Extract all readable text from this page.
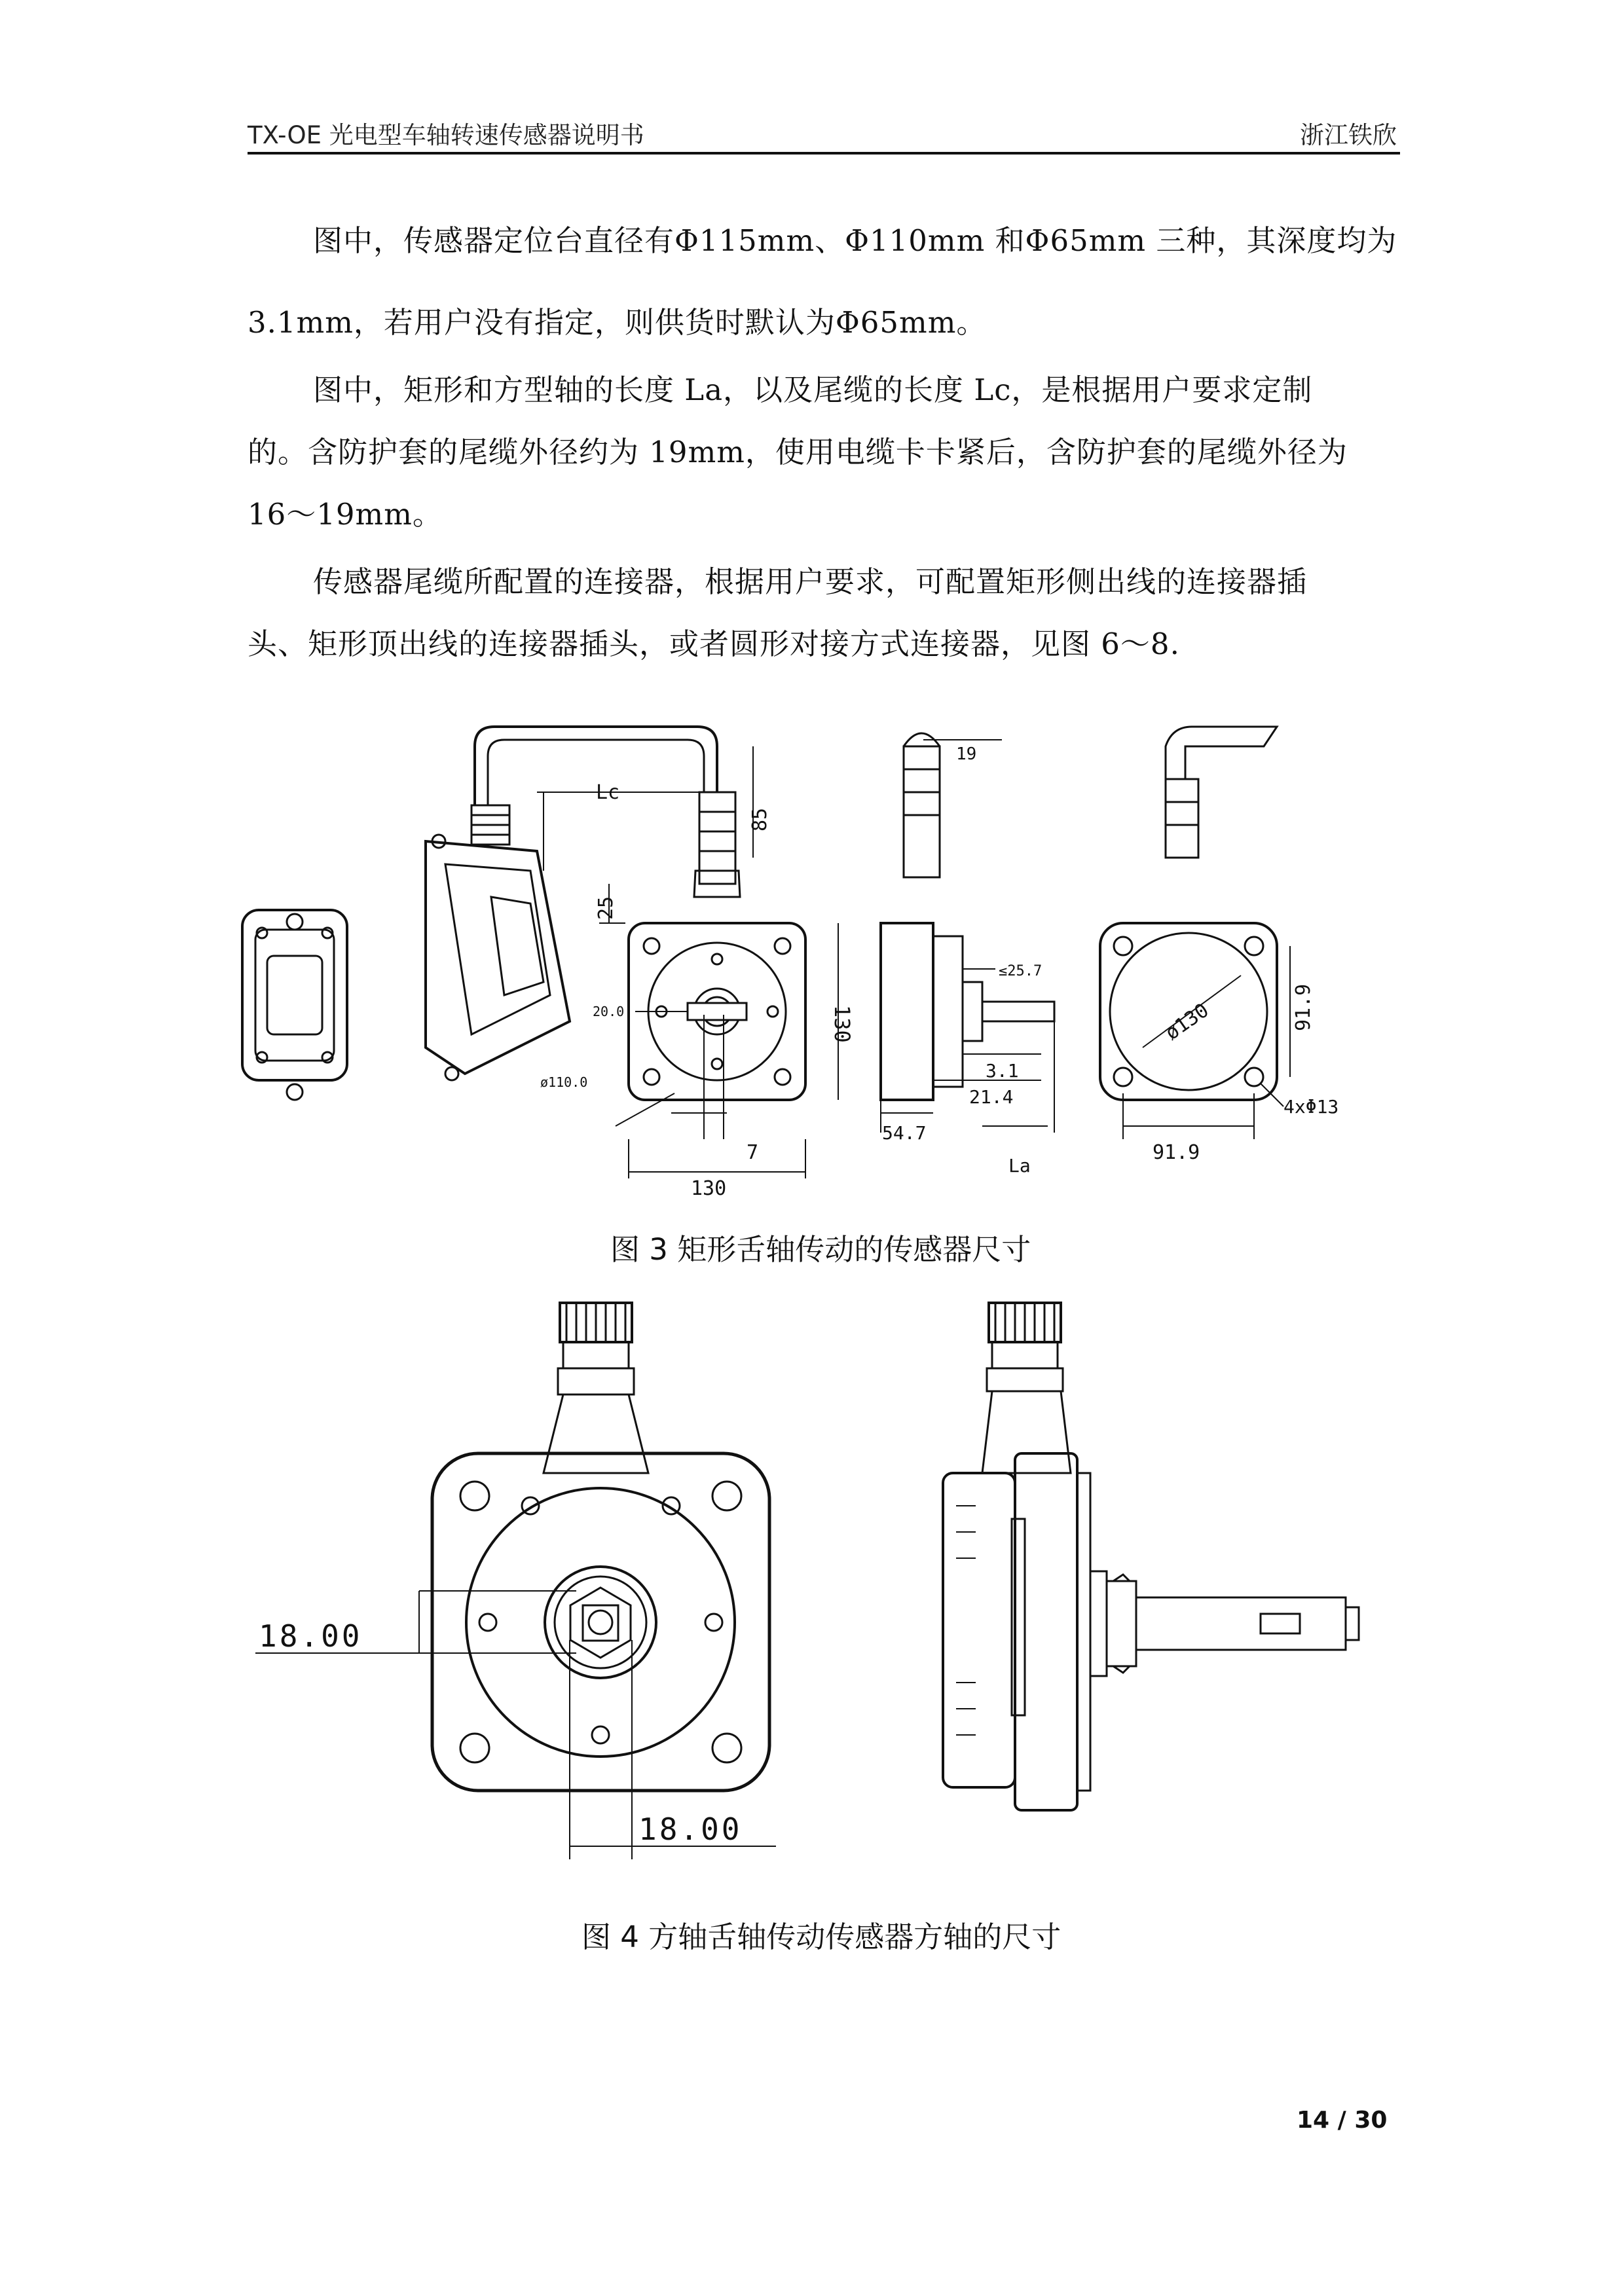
TX-OE 光电型车轴转速传感器说明书	浙江铁欣

图中，传感器定位台直径有Φ115mm、Φ110mm 和Φ65mm 三种，其深度均为

3.1mm，若用户没有指定，则供货时默认为Φ65mm。

图中，矩形和方型轴的长度 La，以及尾缆的长度 Lc，是根据用户要求定制

的。含防护套的尾缆外径约为 19mm，使用电缆卡卡紧后，含防护套的尾缆外径为

16～19mm。

传感器尾缆所配置的连接器，根据用户要求，可配置矩形侧出线的连接器插

头、矩形顶出线的连接器插头，或者圆形对接方式连接器，见图 6～8.

Lc
85
19
25
130
20.0
ø110.0
7
130
≤25.7
3.1
21.4
54.7
La
ø130	91.9
91.9
4xΦ13
图 3 矩形舌轴传动的传感器尺寸
18.00
18.00
图 4 方轴舌轴传动传感器方轴的尺寸
14 / 30
